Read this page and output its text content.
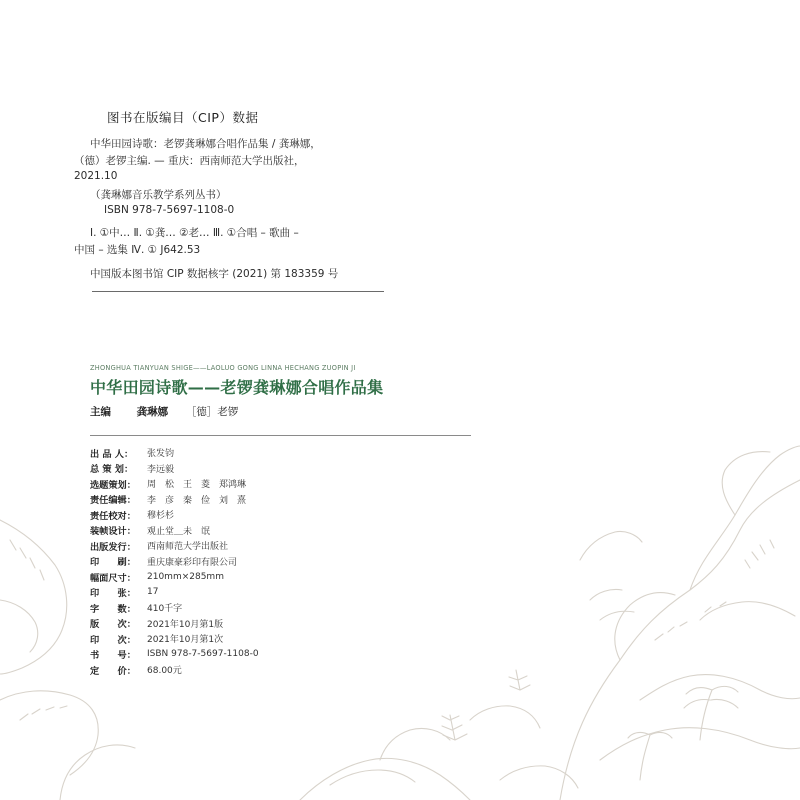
图书在版编目（CIP）数据
中华田园诗歌：老锣龚琳娜合唱作品集 / 龚琳娜，
（德）老锣主编. — 重庆：西南师范大学出版社，
2021.10
（龚琳娜音乐教学系列丛书）
ISBN 978-7-5697-1108-0
Ⅰ. ①中… Ⅱ. ①龚… ②老… Ⅲ. ①合唱 – 歌曲 –
中国 – 选集 Ⅳ. ① J642.53
中国版本图书馆 CIP 数据核字 (2021) 第 183359 号
ZHONGHUA TIANYUAN SHIGE——LAOLUO GONG LINNA HECHANG ZUOPIN JI
中华田园诗歌——老锣龚琳娜合唱作品集
主编 龚琳娜 ［德］老锣
出 品 人：	张发钧
总 策 划：	李远毅
选题策划：	周　松　王　菱　郑鸿琳
责任编辑：	李　彦　秦　俭　刘　熹
责任校对：	穆杉杉
装帧设计：	观止堂＿未　氓
出版发行：	西南师范大学出版社
印　　刷：	重庆康豪彩印有限公司
幅面尺寸：	210mm×285mm
印　　张：	17
字　　数：	410千字
版　　次：	2021年10月第1版
印　　次：	2021年10月第1次
书　　号：	ISBN 978-7-5697-1108-0
定　　价：	68.00元
